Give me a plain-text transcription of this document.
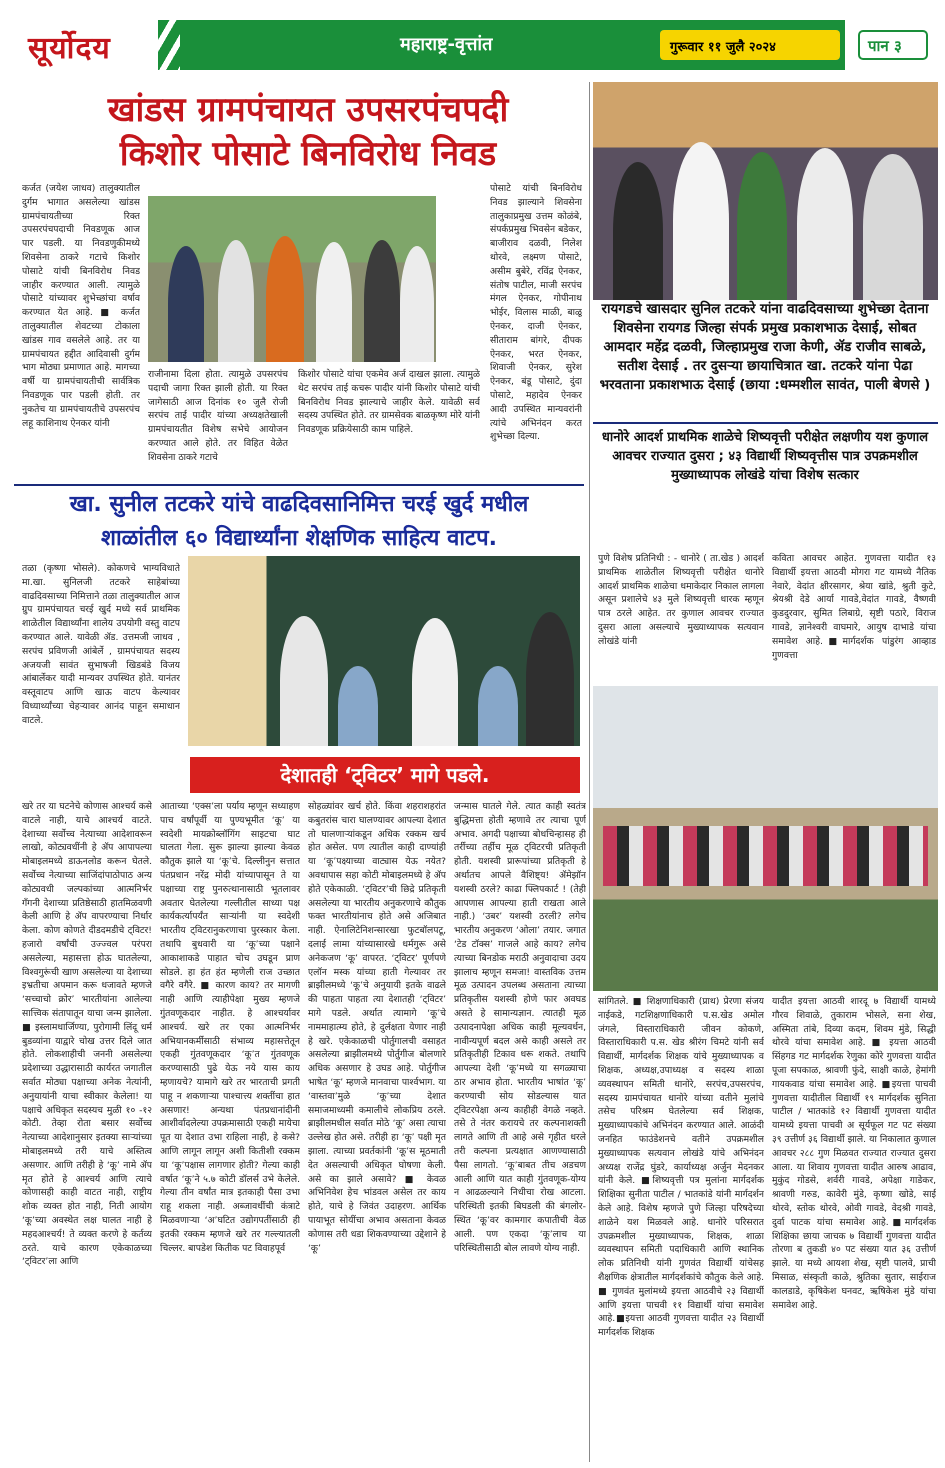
सूर्योदय	महाराष्ट्र-वृत्तांत	गुरूवार ११ जुलै २०२४	पान ३
खांडस ग्रामपंचायत उपसरपंचपदी
किशोर पोसाटे बिनविरोध निवड
कर्जत (जयेश जाधव) तालुक्यातील दुर्गम भागात असलेल्या खांडस ग्रामपंचायतीच्या रिक्त उपसरपंचपदाची निवडणूक आज पार पडली. या निवडणुकीमध्ये शिवसेना ठाकरे गटाचे किशोर पोसाटे यांची बिनविरोध निवड जाहीर करण्यात आली. त्यामुळे पोसाटे यांच्यावर शुभेच्छांचा वर्षाव करण्यात येत आहे. ■ कर्जत तालुक्यातील शेवटच्या टोकाला खांडस गाव वसलेले आहे. तर या ग्रामपंचायत हद्दीत आदिवासी दुर्गम भाग मोठ्या प्रमाणात आहे. मागच्या वर्षी या ग्रामपंचायतीची सार्वत्रिक निवडणूक पार पडली होती. तर नुकतेच या ग्रामपंचायतीचे उपसरपंच लहू काशिनाथ ऐनकर यांनी
राजीनामा दिला होता. त्यामुळे उपसरपंच पदाची जागा रिक्त झाली होती. या रिक्त जागेसाठी आज दिनांक १० जुलै रोजी सरपंच ताई पादीर यांच्या अध्यक्षतेखाली ग्रामपंचायतीत विशेष सभेचे आयोजन करण्यात आले होते. तर विहित वेळेत शिवसेना ठाकरे गटाचे
किशोर पोसाटे यांचा एकमेव अर्ज दाखल झाला. त्यामुळे थेट सरपंच ताई कचरू पादीर यांनी किशोर पोसाटे यांची बिनविरोध निवड झाल्याचे जाहीर केले. यावेळी सर्व सदस्य उपस्थित होते. तर ग्रामसेवक बाळकृष्ण मोरे यांनी निवडणूक प्रक्रियेसाठी काम पाहिले.
पोसाटे यांची बिनविरोध निवड झाल्याने शिवसेना तालुकाप्रमुख उत्तम कोळंबे, संपर्कप्रमुख भिवसेन बडेकर, बाजीराव दळवी, निलेश थोरवे, लक्ष्मण पोसाटे, असीम बुबेरे, रविंद्र ऐनकर, संतोष पाटील, माजी सरपंच मंगल ऐनकर, गोपीनाथ भोईर, विलास माळी, बाळू ऐनकर, दाजी ऐनकर, सीताराम बांगरे, दीपक ऐनकर, भरत ऐनकर, शिवाजी ऐनकर, सुरेश ऐनकर, बंडू पोसाटे, दुंदा पोसाटे, महादेव ऐनकर आदी उपस्थित मान्यवरांनी त्यांचे अभिनंदन करत शुभेच्छा दिल्या.
रायगडचे खासदार सुनिल तटकरे यांना वाढदिवसाच्या शुभेच्छा देताना शिवसेना रायगड जिल्हा संपर्क प्रमुख प्रकाशभाऊ देसाई, सोबत आमदार महेंद्र दळवी, जिल्हाप्रमुख राजा केणी, ॲड राजीव साबळे, सतीश देसाई . तर दुसऱ्या छायाचित्रात खा. तटकरे यांना पेढा भरवताना प्रकाशभाऊ देसाई (छाया :धम्मशील सावंत, पाली बेणसे )
धानोरे आदर्श प्राथमिक शाळेचे शिष्यवृत्ती परीक्षेत लक्षणीय यश कुणाल आवचर राज्यात दुसरा ; ४३ विद्यार्थी शिष्यवृत्तीस पात्र उपक्रमशील मुख्याध्यापक लोखंडे यांचा विशेष सत्कार
खा. सुनील तटकरे यांचे वाढदिवसानिमित्त चरई खुर्द मधील
शाळांतील ६० विद्यार्थ्यांना शेक्षणिक साहित्य वाटप.
तळा (कृष्णा भोसले). कोकणचे भाग्यविधाते मा.खा. सुनिलजी तटकरे साहेबांच्या वाढदिवसाच्या निमित्ताने तळा तालुक्यातील आज ग्रुप ग्रामपंचायत चरई खुर्द मध्ये सर्व प्राथमिक शाळेतील विद्यार्थ्यांना शालेय उपयोगी वस्तु वाटप करण्यात आले. यावेळी ॲड. उत्तमजी जाधव , सरपंच प्रविणजी आंबेर्ले , ग्रामपंचायत सदस्य अजयजी सावंत सुभाषजी खिडबंडे विजय आंबार्लेकर यादी मान्यवर उपस्थित होते. यानंतर वस्तूवाटप आणि खाऊ वाटप केल्यावर विध्यार्थ्यांच्या चेहऱ्यावर आनंद पाहून समाधान वाटले.
पुणे विशेष प्रतिनिधी : - धानोरे ( ता.खेड ) आदर्श प्राथमिक शाळेतील शिष्यवृत्ती परीक्षेत धानोरे आदर्श प्राथमिक शाळेचा धमाकेदार निकाल लागला असून प्रशालेचे ४३ मुले शिष्यवृत्ती धारक म्हणून पात्र ठरले आहेत. तर कुणाल आवचर राज्यात दुसरा आला असल्याचे मुख्याध्यापक सत्यवान लोखंडे यांनी
कविता आवचर आहेत. गुणवत्ता यादीत १३ विद्यार्थी इयत्ता आठवी मोगरा गट यामध्ये नैतिक नेवारे, वेदांत क्षीरसागर, श्रेया खांडे, श्रुती कुटे, श्रेयश्री देडे आर्या गावडे,वेदांत गावडे, वैष्णवी कुडदुरवार, सुमित लिबाग्रे, सृष्टी पठारे, विराज गावडे, ज्ञानेश्वरी वाघमारे, आयुष दाभाडे यांचा समावेश आहे.■मार्गदर्शक पांडुरंग आव्हाड गुणवत्ता
सांगितले. ■ शिक्षणाधिकारी (प्राथ) प्रेरणा संजय नाईकडे, गटशिक्षणाधिकारी प.स.खेड अमोल जंगले, विस्ताराधिकारी जीवन कोकणे, विस्ताराधिकारी प.स. खेड श्रीरंग चिमटे यांनी सर्व विद्यार्थी, मार्गदर्शक शिक्षक यांचे मुख्याध्यापक व शिक्षक, अध्यक्ष,उपाध्यक्ष व सदस्य शाळा व्यवस्थापन समिती धानोरे, सरपंच,उपसरपंच, सदस्य ग्रामपंचायत धानोरे यांच्या वतीने मुलांचे तसेच परिश्रम घेतलेल्या सर्व शिक्षक, मुख्याध्यापकांचे अभिनंदन करण्यात आले. आळंदी जनहित फाउंडेशनचे वतीने उपक्रमशील मुख्याध्यापक सत्यवान लोखंडे यांचे अभिनंदन अध्यक्ष राजेंद्र घुंडरे, कार्याध्यक्ष अर्जुन मेदनकर यांनी केले. ■शिष्यवृत्ती पत्र मुलांना मार्गदर्शक शिक्षिका सुनीता पाटील / भातकांडे यांनी मार्गदर्शन केले आहे. विशेष म्हणजे पुणे जिल्हा परिषदेच्या शाळेने यश मिळवले आहे. धानोरे परिसरात उपक्रमशील मुख्याध्यापक, शिक्षक, शाळा व्यवस्थापन समिती पदाधिकारी आणि स्थानिक लोक प्रतिनिधी यांनी गुणवंत विद्यार्थी यांचेसह शैक्षणिक क्षेत्रातील मार्गदर्शकांचे कौतुक केले आहे. ■ गुणवंत मुलांमध्ये इयत्ता आठवीचे २३ विद्यार्थी आणि इयत्ता पाचवी ११ विद्यार्थी यांचा समावेश आहे.■इयत्ता आठवी गुणवत्ता यादीत २३ विद्यार्थी मार्गदर्शक शिक्षक
यादीत इयत्ता आठवी शारदू ७ विद्यार्थी यामध्ये गौरव शिवाळे, तुकाराम भोसले, सना शेख, अस्मिता तांबे, दिव्या कदम, शिवम मुंडे, सिद्धी थोरवे यांचा समावेश आहे. ■ इयत्ता आठवी सिंहगड गट मार्गदर्शक रेणुका कोरे गुणवत्ता यादीत पूजा सपकाळ, श्रावणी फुंदे, साक्षी काळे, हेमांगी गायकवाड यांचा समावेश आहे. ■इयत्ता पाचवी गुणवत्ता यादीतील विद्यार्थी १९ मार्गदर्शक सुनिता पाटील / भातकांडे १२ विद्यार्थी गुणवत्ता यादीत यामध्ये इयत्ता पाचवी अ सूर्यफूल गट पट संख्या ३९ उत्तीर्ण ३६ विद्यार्थी झाले. या निकालात कुणाल आवचर २८८ गुण मिळवत राज्यात राज्यात दुसरा आला. या शिवाय गुणवत्ता यादीत आरुष आढाव, मुकुंद गोडसे, शर्वरी गावडे, अपेक्षा गाडेकर, श्रावणी गरुड, कावेरी मुंडे, कृष्णा खोडे, साई थोरवे, स्तोक थोरवे, ओवी गावडे, वेदश्री गावडे, दुर्वा पाटक यांचा समावेश आहे.■मार्गदर्शक शिक्षिका छाया जाचक ७ विद्यार्थी गुणवत्ता यादीत तोरणा ब तुकडी ४० पट संख्या यात ३६ उत्तीर्ण झाले. या मध्ये आयशा शेख, सृष्टी पालवे, प्राची मिसाळ, संस्कृती काळे, श्रुतिका सुतार, साईराज कालडाडे, कृषिकेश घनवट, ऋषिकेश मुंडे यांचा समावेश आहे.
देशातही ‘ट्विटर’ मागे पडले.
खरे तर या घटनेचे कोणास आश्चर्य कसे वाटले नाही, याचे आश्चर्य वाटते. देशाच्या सर्वोच्च नेत्याच्या आदेशावरून लाखो, कोट्यवधींनी हे ॲप आपापल्या मोबाइलमध्ये डाऊनलोड करून घेतले. सर्वोच्च नेत्याच्या साजिंदांपाठोपाठ अन्य कोट्यवधी जल्पकांच्या आत्मनिर्भर गँगनी देशाच्या प्रतिष्ठेसाठी हातमिळवणी केली आणि हे ॲप वापरण्याचा निर्धार केला. कोण कोणते दीडदमडीचे ट्विटर! हजारो वर्षांची उज्ज्वल परंपरा असलेल्या, महासत्ता होऊ घातलेल्या, विश्वगुरूंची खाण असलेल्या या देशाच्या इभ्रतीचा अपमान करू धजावते म्हणजे ‘सच्चाचो क्रोर’ भारतीयांना आलेल्या सात्त्विक संतापातून याचा जन्म झालेला. ■ इस्लामधार्जिण्या, पुरोगामी लिंदू धर्म बुडव्यांना याद्वारे चोख उत्तर दिले जात होते. लोकशाहीची जननी असलेल्या प्रदेशाच्या उद्धारासाठी कार्यरत जगातील सर्वात मोठ्या पक्षाच्या अनेक नेत्यांनी, अनुयायांनी याचा स्वीकार केलेला! या पक्षाचे अधिकृत सदस्यच मुळी १० -१२ कोटी. तेव्हा रोता बसार सर्वोच्च नेत्याच्या आदेशानुसार इतक्या सार्‍यांच्या मोबाइलमध्ये तरी याचे अस्तित्व असणार. आणि तरीही हे ‘कू’ नामे ॲप मृत होते हे आश्चर्य आणि त्याचे कोणासही काही वाटत नाही, राष्ट्रीय शोक व्यक्त होत नाही, निती आयोग ‘कू’च्या अवस्थेत लक्ष घालत नाही हे महदआश्चर्य! ते व्यक्त करणे हे कर्तव्य ठरते. याचे कारण एकेकाळच्या ‘ट्विटर’ला आणि
आताच्या ‘एक्स’ला पर्याय म्हणून सध्याहण पाच वर्षांपूर्वी या पुण्यभूमीत ‘कू’ या स्वदेशी मायक्रोब्लॉगिंग साइटचा घाट घालता गेला. सुरू झाल्या झाल्या केवळ कौतुक झाले या ‘कू’चे. दिल्लीनुन सत्तात पंतप्रधान नरेंद्र मोदी यांच्यापासून ते या पक्षाच्या राष्ट्र पुनरुत्थानासाठी भूतलावर अवतार घेतलेल्या गल्लीतील साध्या पक्ष कार्यकर्त्यापर्यंत साऱ्यांनी या स्वदेशी भारतीय ट्विटरानुकरणाचा पुरस्कार केला. तथापि बुधवारी या ‘कू’च्या पक्षाने आकाशाकडे पाहात चोच उघडून प्राण सोडले. हा हंत हंत म्हणेली राज उच्छात वगैरे वगैरे. ■ कारण काय? तर मागणी नाही आणि त्याहीपेक्षा मुख्य म्हणजे गुंतवणूकदार नाहीत. हे आश्चर्यावर आश्चर्य. खरे तर एका आत्मनिर्भर अभियानकर्मीसाठी संभाव्य महासत्तेतून एकही गुंतवणूकदार ‘कू’त गुंतवणूक करण्यासाठी पुढे येऊ नये यास काय म्हणायचे? यामागे खरे तर भारताची प्रगती पाहू न शकणाऱ्या पाश्चात्त्य शक्तींचा हात असणार! अन्यथा पंतप्रधानांदीनी आशीर्वादलेल्या उपक्रमासाठी एकही मायेचा पूत या देशात उभा राहिला नाही, हे कसे? आणि लागून लागून अशी कितीशी रक्कम या ‘कू’पक्षास लागणार होती? गेल्या काही वर्षात ‘कू’ने ५.७ कोटी डॉलर्स उभे केलेले. गेल्या तीन वर्षांत मात्र इतकाही पैसा उभा राहू शकला नाही. अब्जावधींची कंत्राटे मिळवणाऱ्या ‘अ’घटित उद्योगपतींसाठी ही इतकी रक्कम म्हणजे खरे तर गल्ल्यातली चिल्लर. बापडेश कितीक पट विवाहपूर्व
सोहळ्यांवर खर्च होते. किंवा शहराशहरांत कबुतरांस चारा घालण्यावर आपल्या देशात तो घालणाऱ्यांकडून अधिक रक्कम खर्च होत असेल. पण त्यातील काही दाण्यांही या ‘कू’पक्ष्याच्या वाट्यास येऊ नयेत? अवधापास सहा कोटी मोबाइलमध्ये हे ॲप होते एकेकाळी. ‘ट्विटर’ची छिद्रे प्रतिकृती असलेल्या या भारतीय अनुकरणाचे कौतुक फक्त भारतीयांनाच होते असे अजिबात नाही. ऐनालिटेनिशन्सारखा फुटबॉलपटू, दलाई लामा यांच्यासारखे धर्मगुरू असे अनेकजण ‘कू’ वापरत. ‘ट्विटर’ पूर्णपणे एलॉन मस्क यांच्या हाती गेल्यावर तर ब्राझीलमध्ये ‘कू’चे अनुयायी इतके वाढले की पाहता पाहता त्या देशातही ‘ट्विटर’ मागे पडले. अर्थात त्यामागे ‘कू’चे नाममाहात्म्य होते, हे दुर्लक्षता येणार नाही हे खरे. एकेकाळची पोर्तुगालची वसाहत असलेल्या ब्राझीलमध्ये पोर्तुगीज बोलणारे अधिक असणार हे उघड आहे. पोर्तुगीज भाषेत ‘कू’ म्हणजे मानवाचा पार्श्वभाग. या ‘वास्तवा’मुळे ‘कू’च्या देशात समाजमाध्यमी कमालीचे लोकप्रिय ठरले. ब्राझीलमधील सर्वात मोठे ‘कू’ असा त्याचा उल्लेख होत असे. तरीही हा ‘कू’ पक्षी मृत झाला. त्याच्या प्रवर्तकांनी ‘कू’स मूठमाती देत असल्याची अधिकृत घोषणा केली. असे का झाले असावे? ■ केवळ अभिनिवेश हेच भांडवल असेल तर काय होते, याचे हे जिवंत उदाहरण. आर्थिक पायाभूत सोयींचा अभाव असताना केवळ कोणास तरी धडा शिकवण्याच्या उद्देशाने हे ‘कू’
जन्मास घातले गेले. त्यात काही स्वतंत्र बुद्धिमत्ता होती म्हणावे तर त्याचा पूर्ण अभाव. अगदी पक्षाच्या बोधचिन्हासह ही तर्रीच्या तर्हीच मूळ ट्विटरची प्रतिकृती होती. यशस्वी प्रारूपांच्या प्रतिकृती हे अर्थातच आपले वैशिष्ट्य! ॲमेझॉन यशस्वी ठरले? काढा फ्लिपकार्ट ! (तेही आपणास आपल्या हाती राखता आले नाही.) ‘उबर’ यशस्वी ठरली? लगेच भारतीय अनुकरण ‘ओला’ तयार. जगात ‘टेड टॉक्स’ गाजले आहे काय? लगेच त्याच्या बिनडोक मराठी अनुवादाचा उदय झालाच म्हणून समजा! वास्तविक उत्तम मूळ उत्पादन उपलब्ध असताना त्याच्या प्रतिकृतीस यशस्वी होणे फार अवघड असते हे सामान्यज्ञान. त्यातही मूळ उत्पादनापेक्षा अधिक काही मूल्यवर्धन, नावीन्यपूर्ण बदल असे काही असले तर प्रतिकृतीही टिकाव धरू शकते. तथापि आपल्या देशी ‘कू’मध्ये या सगळ्याचा ठार अभाव होता. भारतीय भाषांत ‘कू’ करण्याची सोय सोडल्यास यात ट्विटरपेक्षा अन्य काहीही वेगळे नव्हते. तसे ते नंतर करायचे तर कल्पनाशक्ती लागते आणि ती आहे असे गृहीत धरले तरी कल्पना प्रत्यक्षात आणण्यासाठी पैसा लागतो. ‘कू’बाबत तीच अडचण आली आणि यात काही गुंतवणूक-योग्य न आढळल्याने निधीचा रोख आटला. परिस्थिती इतकी बिघडली की बंगलोर-स्थित ‘कू’वर कामगार कपातीची वेळ आली. पण एकदा ‘कू’लाच या परिस्थितीसाठी बोल लावणे योग्य नाही.
